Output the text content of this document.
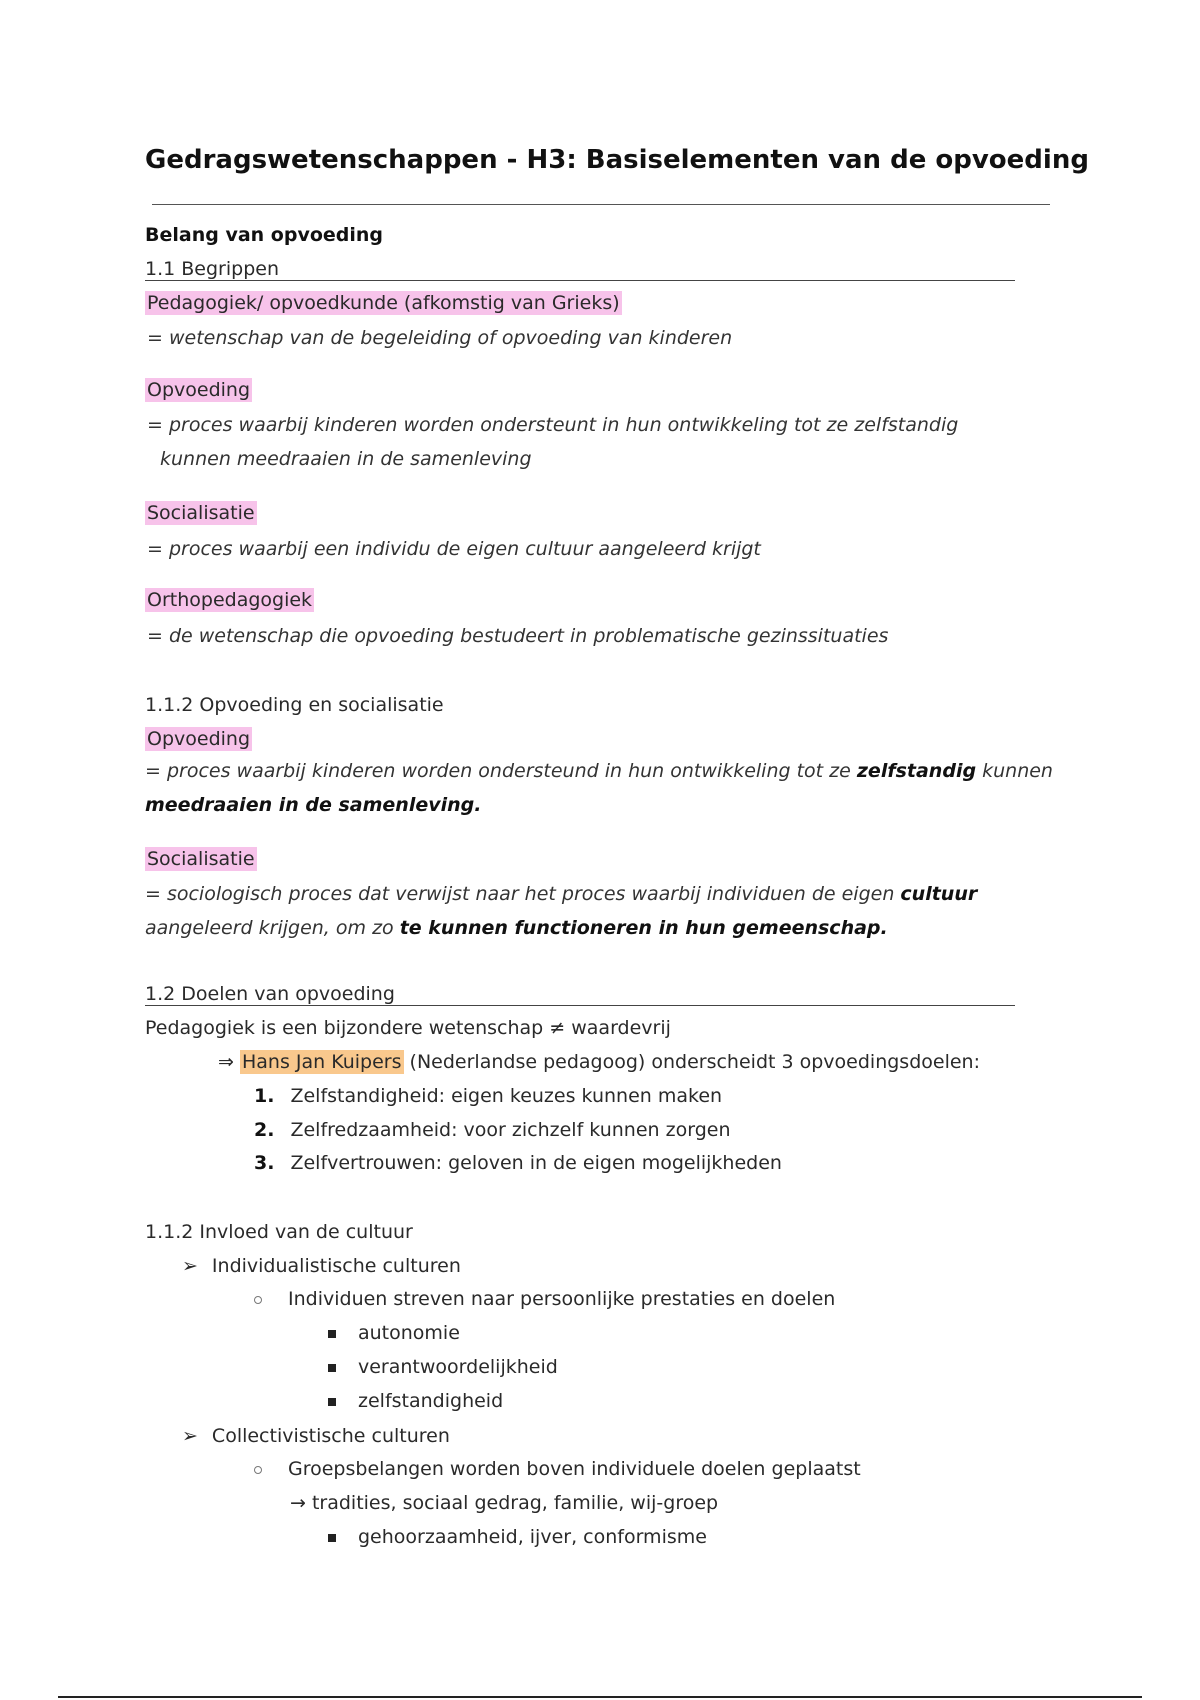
Gedragswetenschappen - H3: Basiselementen van de opvoeding
Belang van opvoeding
1.1 Begrippen
Pedagogiek/ opvoedkunde (afkomstig van Grieks)
= wetenschap van de begeleiding of opvoeding van kinderen
Opvoeding
= proces waarbij kinderen worden ondersteunt in hun ontwikkeling tot ze zelfstandig
kunnen meedraaien in de samenleving
Socialisatie
= proces waarbij een individu de eigen cultuur aangeleerd krijgt
Orthopedagogiek
= de wetenschap die opvoeding bestudeert in problematische gezinssituaties
1.1.2 Opvoeding en socialisatie
Opvoeding
= proces waarbij kinderen worden ondersteund in hun ontwikkeling tot ze zelfstandig kunnen
meedraaien in de samenleving.
Socialisatie
= sociologisch proces dat verwijst naar het proces waarbij individuen de eigen cultuur
aangeleerd krijgen, om zo te kunnen functioneren in hun gemeenschap.
1.2 Doelen van opvoeding
Pedagogiek is een bijzondere wetenschap ≠ waardevrij
⇒ Hans Jan Kuipers (Nederlandse pedagoog) onderscheidt 3 opvoedingsdoelen:
1. Zelfstandigheid: eigen keuzes kunnen maken
2. Zelfredzaamheid: voor zichzelf kunnen zorgen
3. Zelfvertrouwen: geloven in de eigen mogelijkheden
1.1.2 Invloed van de cultuur
➢ Individualistische culturen
Individuen streven naar persoonlijke prestaties en doelen
autonomie
verantwoordelijkheid
zelfstandigheid
➢ Collectivistische culturen
Groepsbelangen worden boven individuele doelen geplaatst
→ tradities, sociaal gedrag, familie, wij-groep
gehoorzaamheid, ijver, conformisme
